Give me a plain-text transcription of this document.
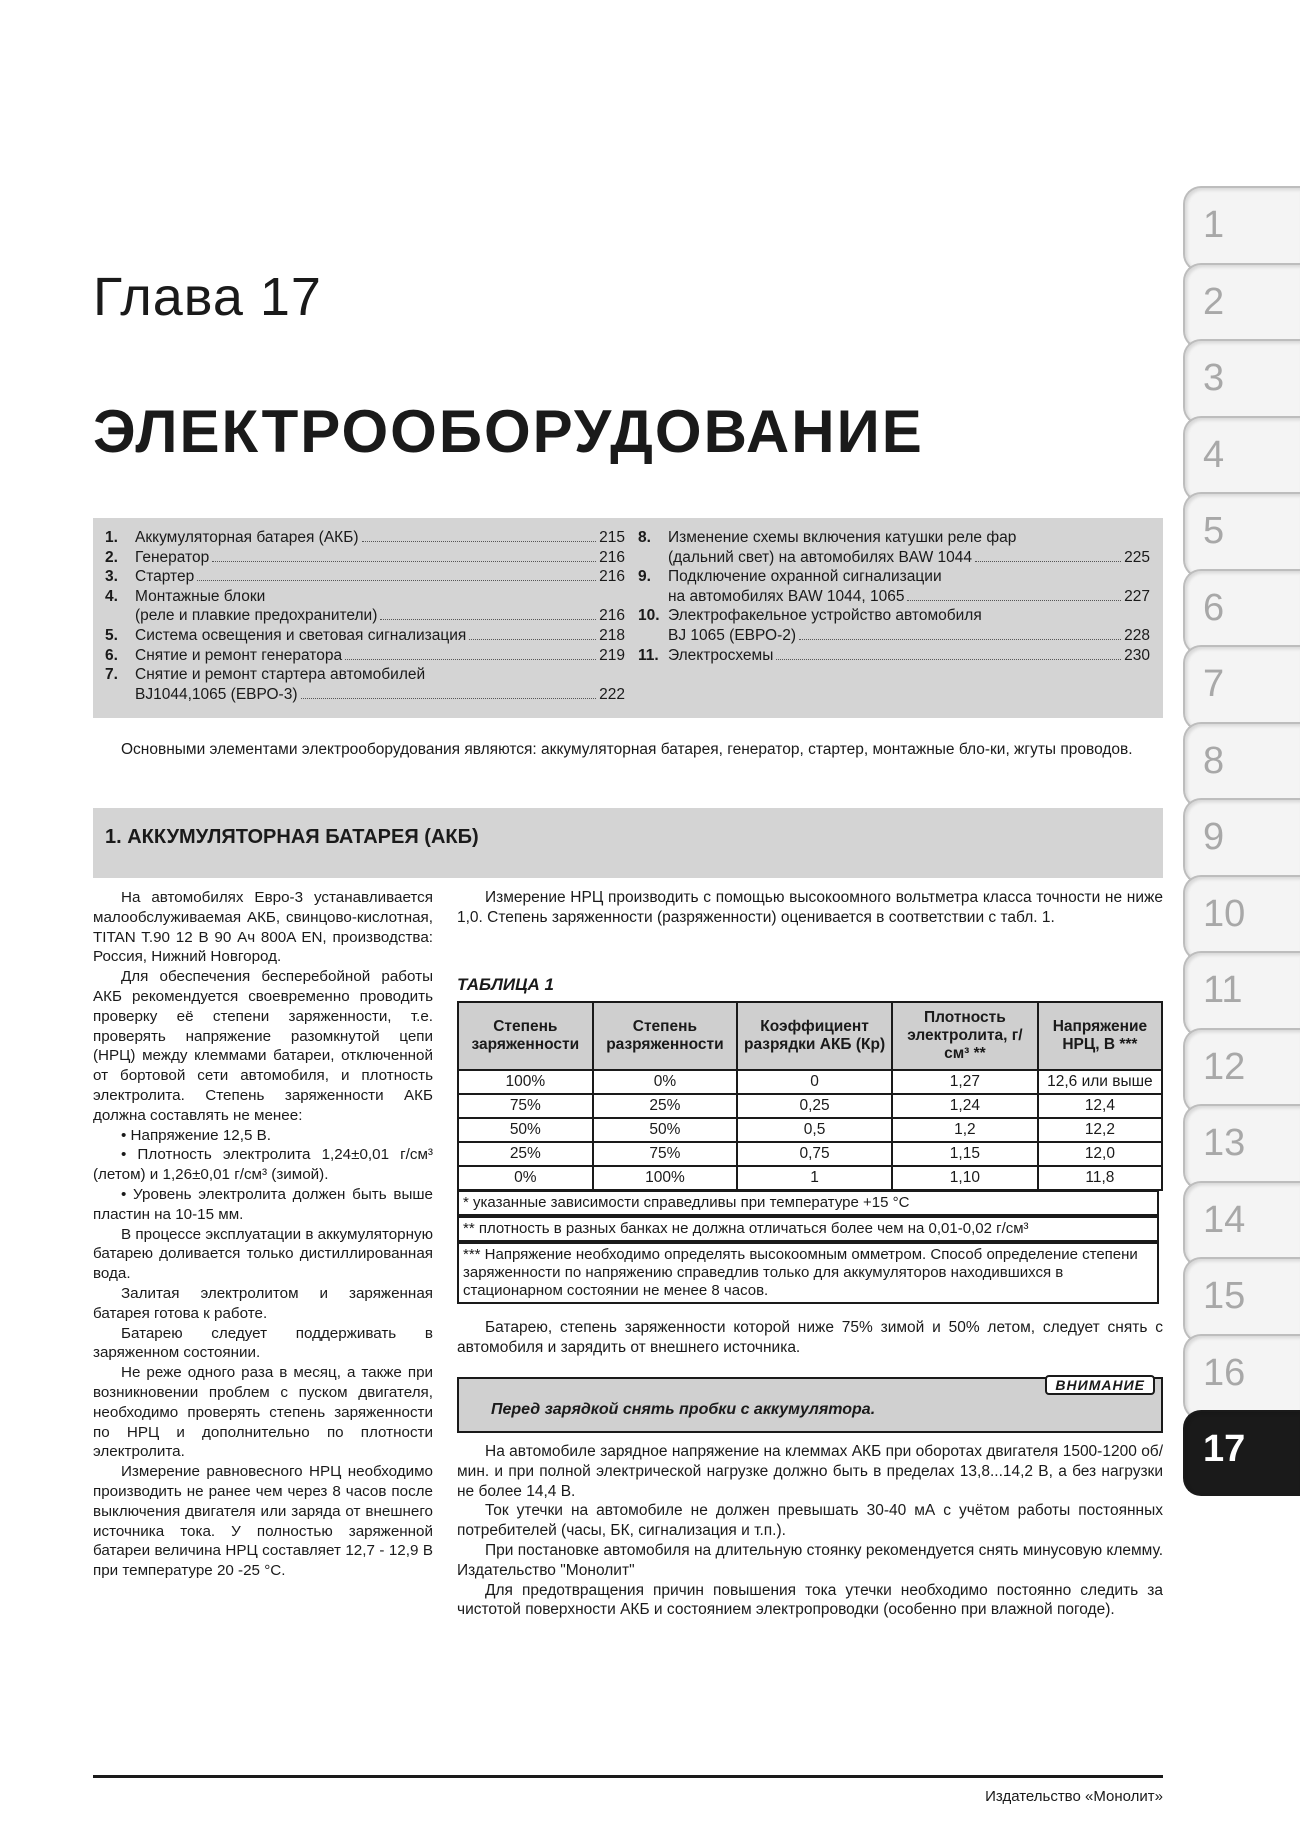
Глава 17
ЭЛЕКТРООБОРУДОВАНИЕ
1.	Аккумуляторная батарея (АКБ)	215
2.	Генератор	216
3.	Стартер	216
4.	Монтажные блоки
(реле и плавкие предохранители)	216
5.	Система освещения и световая сигнализация	218
6.	Снятие и ремонт генератора	219
7.	Снятие и ремонт стартера автомобилей
BJ1044,1065 (ЕВРО-3)	222
8.	Изменение схемы включения катушки реле фар
(дальний свет) на автомобилях BAW 1044	225
9.	Подключение охранной сигнализации
на автомобилях BAW 1044, 1065	227
10. Электрофакельное устройство автомобиля
BJ 1065 (ЕВРО-2)	228
11. Электросхемы	230

Основными элементами электрооборудования являются: аккумуляторная батарея, генератор, стартер, монтажные бло-ки, жгуты проводов.

1. АККУМУЛЯТОРНАЯ БАТАРЕЯ (АКБ)

На автомобилях Евро-3 устанавливается малообслуживаемая АКБ, свинцово-кислотная, TITAN T.90 12 В 90 Ач 800A EN, производства: Россия, Нижний Новгород.

Для обеспечения бесперебойной работы АКБ рекомендуется своевременно проводить проверку её степени заряженности, т.е. проверять напряжение разомкнутой цепи (НРЦ) между клеммами батареи, отключенной от бортовой сети автомобиля, и плотность электролита. Степень заряженности АКБ должна составлять не менее:

• Напряжение 12,5 В.

• Плотность электролита 1,24±0,01 г/см³ (летом) и 1,26±0,01 г/см³ (зимой).

• Уровень электролита должен быть выше пластин на 10-15 мм.

В процессе эксплуатации в аккумуляторную батарею доливается только дистиллированная вода.

Залитая электролитом и заряженная батарея готова к работе.

Батарею следует поддерживать в заряженном состоянии.

Не реже одного раза в месяц, а также при возникновении проблем с пуском двигателя, необходимо проверять степень заряженности по НРЦ и дополнительно по плотности электролита.

Измерение равновесного НРЦ необходимо производить не ранее чем через 8 часов после выключения двигателя или заряда от внешнего источника тока. У полностью заряженной батареи величина НРЦ составляет 12,7 - 12,9 В при температуре 20 -25 °С.

Измерение НРЦ производить с помощью высокоомного вольтметра класса точности не ниже 1,0. Степень заряженности (разряженности) оценивается в соответствии с табл. 1.

ТАБЛИЦА 1
Степень заряженности	Степень разряженности	Коэффициент разрядки АКБ (Кр)	Плотность электролита, г/см³ **	Напряжение НРЦ, В ***
100%	0%	0	1,27	12,6 или выше
75%	25%	0,25	1,24	12,4
50%	50%	0,5	1,2	12,2
25%	75%	0,75	1,15	12,0
0%	100%	1	1,10	11,8
* указанные зависимости справедливы при температуре +15 °С
** плотность в разных банках не должна отличаться более чем на 0,01-0,02 г/см³
*** Напряжение необходимо определять высокоомным омметром. Способ определение степени заряженности по напряжению справедлив только для аккумуляторов находившихся в стационарном состоянии не менее 8 часов.

Батарею, степень заряженности которой ниже 75% зимой и 50% летом, следует снять с автомобиля и зарядить от внешнего источника.

ВНИМАНИЕ
Перед зарядкой снять пробки с аккумулятора.

На автомобиле зарядное напряжение на клеммах АКБ при оборотах двигателя 1500-1200 об/мин. и при полной электрической нагрузке должно быть в пределах 13,8...14,2 В, а без нагрузки не более 14,4 В.

Ток утечки на автомобиле не должен превышать 30-40 мА с учётом работы постоянных потребителей (часы, БК, сигнализация и т.п.).

При постановке автомобиля на длительную стоянку рекомендуется снять минусовую клемму. Издательство "Монолит"

Для предотвращения причин повышения тока утечки необходимо постоянно следить за чистотой поверхности АКБ и состоянием электропроводки (особенно при влажной погоде).

1
2
3
4
5
6
7
8
9
10
11
12
13
14
15
16
17
Издательство «Монолит»
